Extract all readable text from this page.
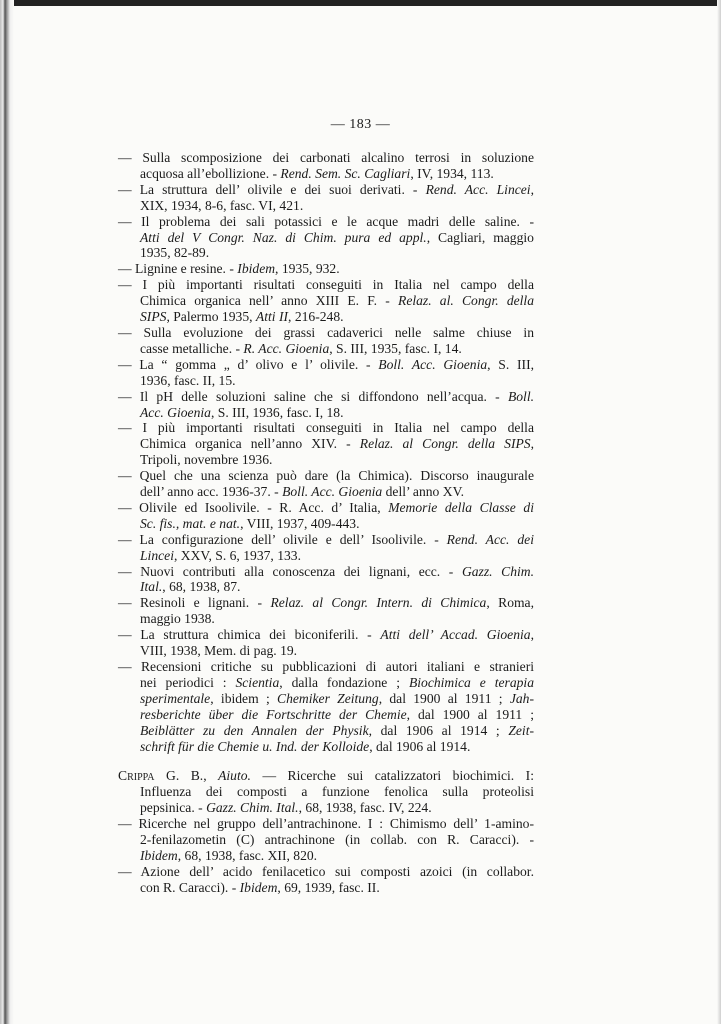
— 183 —
— Sulla scomposizione dei carbonati alcalino terrosi in soluzione
acquosa all’ebollizione. - Rend. Sem. Sc. Cagliari, IV, 1934, 113.
— La struttura dell’ olivile e dei suoi derivati. - Rend. Acc. Lincei,
XIX, 1934, 8-6, fasc. VI, 421.
— Il problema dei sali potassici e le acque madri delle saline. -
Atti del V Congr. Naz. di Chim. pura ed appl., Cagliari, maggio
1935, 82-89.
— Lignine e resine. - Ibidem, 1935, 932.
— I più importanti risultati conseguiti in Italia nel campo della
Chimica organica nell’ anno XIII E. F. - Relaz. al. Congr. della
SIPS, Palermo 1935, Atti II, 216-248.
— Sulla evoluzione dei grassi cadaverici nelle salme chiuse in
casse metalliche. - R. Acc. Gioenia, S. III, 1935, fasc. I, 14.
— La “ gomma „ d’ olivo e l’ olivile. - Boll. Acc. Gioenia, S. III,
1936, fasc. II, 15.
— Il pH delle soluzioni saline che si diffondono nell’acqua. - Boll.
Acc. Gioenia, S. III, 1936, fasc. I, 18.
— I più importanti risultati conseguiti in Italia nel campo della
Chimica organica nell’anno XIV. - Relaz. al Congr. della SIPS,
Tripoli, novembre 1936.
— Quel che una scienza può dare (la Chimica). Discorso inaugurale
dell’ anno acc. 1936-37. - Boll. Acc. Gioenia dell’ anno XV.
— Olivile ed Isoolivile. - R. Acc. d’ Italia, Memorie della Classe di
Sc. fis., mat. e nat., VIII, 1937, 409-443.
— La configurazione dell’ olivile e dell’ Isoolivile. - Rend. Acc. dei
Lincei, XXV, S. 6, 1937, 133.
— Nuovi contributi alla conoscenza dei lignani, ecc. - Gazz. Chim.
Ital., 68, 1938, 87.
— Resinoli e lignani. - Relaz. al Congr. Intern. di Chimica, Roma,
maggio 1938.
— La struttura chimica dei biconiferili. - Atti dell’ Accad. Gioenia,
VIII, 1938, Mem. di pag. 19.
— Recensioni critiche su pubblicazioni di autori italiani e stranieri
nei periodici : Scientia, dalla fondazione ; Biochimica e terapia
sperimentale, ibidem ; Chemiker Zeitung, dal 1900 al 1911 ; Jah-
resberichte über die Fortschritte der Chemie, dal 1900 al 1911 ;
Beiblätter zu den Annalen der Physik, dal 1906 al 1914 ; Zeit-
schrift für die Chemie u. Ind. der Kolloide, dal 1906 al 1914.
Crippa G. B., Aiuto. — Ricerche sui catalizzatori biochimici. I:
Influenza dei composti a funzione fenolica sulla proteolisi
pepsinica. - Gazz. Chim. Ital., 68, 1938, fasc. IV, 224.
— Ricerche nel gruppo dell’antrachinone. I : Chimismo dell’ 1-amino-
2-fenilazometin (C) antrachinone (in collab. con R. Caracci). -
Ibidem, 68, 1938, fasc. XII, 820.
— Azione dell’ acido fenilacetico sui composti azoici (in collabor.
con R. Caracci). - Ibidem, 69, 1939, fasc. II.
